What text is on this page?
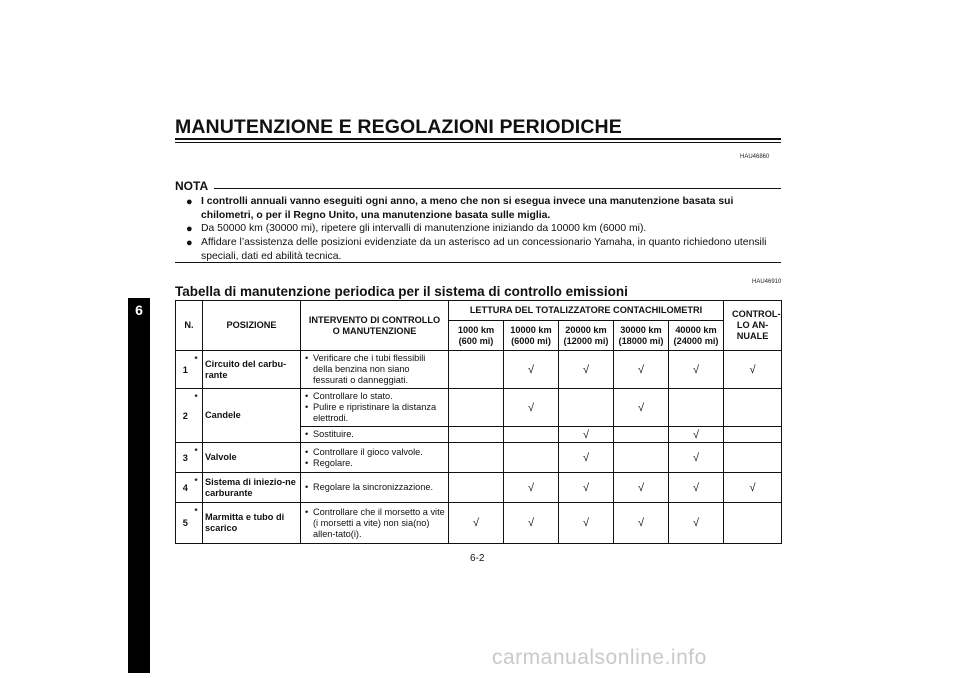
MANUTENZIONE E REGOLAZIONI PERIODICHE
HAU46860
NOTA
● I controlli annuali vanno eseguiti ogni anno, a meno che non si esegua invece una manutenzione basata sui chilometri, o per il Regno Unito, una manutenzione basata sulle miglia.
● Da 50000 km (30000 mi), ripetere gli intervalli di manutenzione iniziando da 10000 km (6000 mi).
● Affidare l’assistenza delle posizioni evidenziate da un asterisco ad un concessionario Yamaha, in quanto richiedono utensili speciali, dati ed abilità tecnica.
HAU46910
Tabella di manutenzione periodica per il sistema di controllo emissioni
6
N.		POSIZIONE	INTERVENTO DI CONTROLLO O MANUTENZIONE	LETTURA DEL TOTALIZZATORE CONTACHILOMETRI					CONTROL-LO AN-NUALE
				1000 km (600 mi)	10000 km (6000 mi)	20000 km (12000 mi)	30000 km (18000 mi)	40000 km (24000 mi)	
1	*	Circuito del carbu-rante	• Verificare che i tubi flessibili della benzina non siano fessurati o danneggiati.		√	√	√	√	√
2	*	Candele	• Controllare lo stato.
• Pulire e ripristinare la distanza elettrodi.		√		√		

			• Sostituire.			√		√	
3	*	Valvole	• Controllare il gioco valvole.
• Regolare.			√		√	
4	*	Sistema di iniezio-ne carburante	• Regolare la sincronizzazione.		√	√	√	√	√
5	*	Marmitta e tubo di scarico	• Controllare che il morsetto a vite (i morsetti a vite) non sia(no) allen-tato(i).	√	√	√	√	√	
6-2
carmanualsonline.info
